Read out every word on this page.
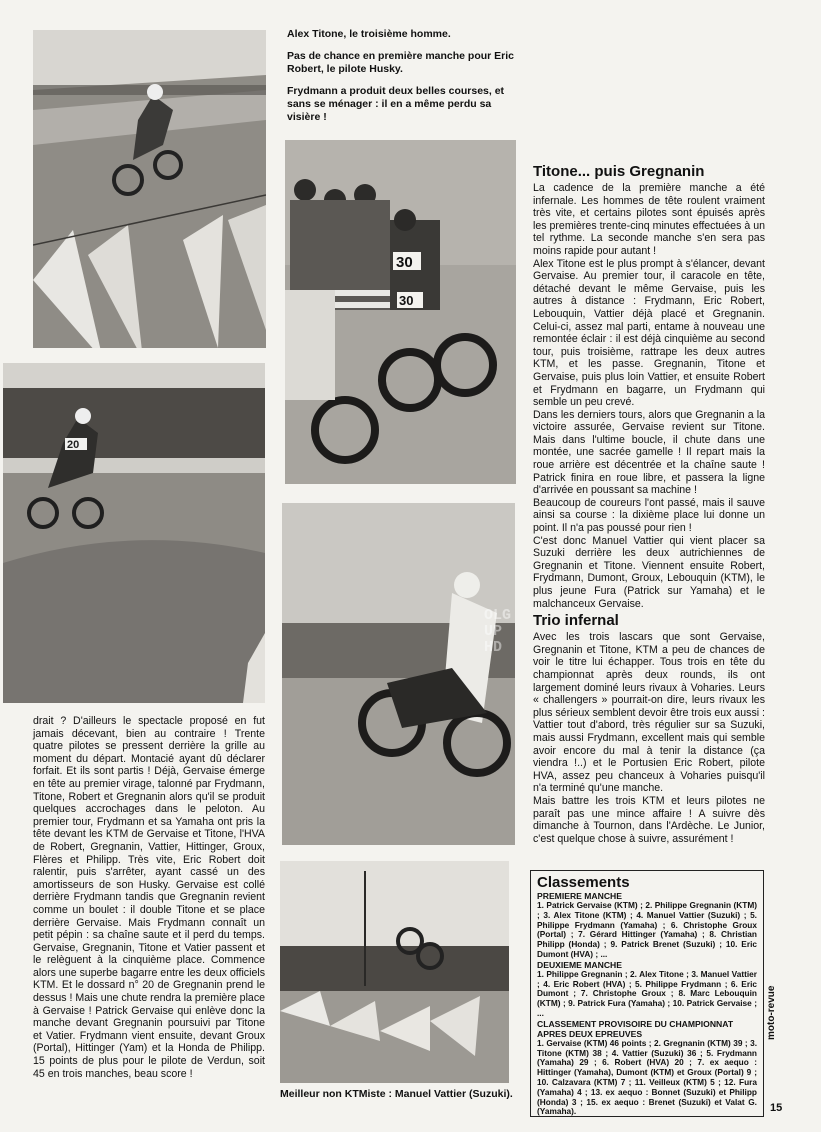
20
30
30
OLG
UP
HD

Alex Titone, le troisième homme.

Pas de chance en première manche pour Eric Robert, le pilote Husky.

Frydmann a produit deux belles courses, et sans se ménager : il en a même perdu sa visière !

drait ? D'ailleurs le spectacle proposé en fut jamais décevant, bien au contraire ! Trente quatre pilotes se pressent derrière la grille au moment du départ. Montacié ayant dû déclarer forfait. Et ils sont partis ! Déjà, Gervaise émerge en tête au premier virage, talonné par Frydmann, Titone, Robert et Gregnanin alors qu'il se produit quelques accrochages dans le peloton. Au premier tour, Frydmann et sa Yamaha ont pris la tête devant les KTM de Gervaise et Titone, l'HVA de Robert, Gregnanin, Vattier, Hittinger, Groux, Flères et Philipp. Très vite, Eric Robert doit ralentir, puis s'arrêter, ayant cassé un des amortisseurs de son Husky. Gervaise est collé derrière Frydmann tandis que Gregnanin revient comme un boulet : il double Titone et se place derrière Gervaise. Mais Frydmann connaît un petit pépin : sa chaîne saute et il perd du temps. Gervaise, Gregnanin, Titone et Vatier passent et le relèguent à la cinquième place. Commence alors une superbe bagarre entre les deux officiels KTM. Et le dossard n° 20 de Gregnanin prend le dessus ! Mais une chute rendra la première place à Gervaise ! Patrick Gervaise qui enlève donc la manche devant Gregnanin poursuivi par Titone et Vatier. Frydmann vient ensuite, devant Groux (Portal), Hittinger (Yam) et la Honda de Philipp. 15 points de plus pour le pilote de Verdun, soit 45 en trois manches, beau score !

Titone... puis Gregnanin

La cadence de la première manche a été infernale. Les hommes de tête roulent vraiment très vite, et certains pilotes sont épuisés après les premières trente-cinq minutes effectuées à un tel rythme. La seconde manche s'en sera pas moins rapide pour autant !

Alex Titone est le plus prompt à s'élancer, devant Gervaise. Au premier tour, il caracole en tête, détaché devant le même Gervaise, puis les autres à distance : Frydmann, Eric Robert, Lebouquin, Vattier déjà placé et Gregnanin. Celui-ci, assez mal parti, entame à nouveau une remontée éclair : il est déjà cinquième au second tour, puis troisième, rattrape les deux autres KTM, et les passe. Gregnanin, Titone et Gervaise, puis plus loin Vattier, et ensuite Robert et Frydmann en bagarre, un Frydmann qui semble un peu crevé.

Dans les derniers tours, alors que Gregnanin a la victoire assurée, Gervaise revient sur Titone. Mais dans l'ultime boucle, il chute dans une montée, une sacrée gamelle ! Il repart mais la roue arrière est décentrée et la chaîne saute ! Patrick finira en roue libre, et passera la ligne d'arrivée en poussant sa machine !

Beaucoup de coureurs l'ont passé, mais il sauve ainsi sa course : la dixième place lui donne un point. Il n'a pas poussé pour rien !

C'est donc Manuel Vattier qui vient placer sa Suzuki derrière les deux autrichiennes de Gregnanin et Titone. Viennent ensuite Robert, Frydmann, Dumont, Groux, Lebouquin (KTM), le plus jeune Fura (Patrick sur Yamaha) et le malchanceux Gervaise.

Trio infernal

Avec les trois lascars que sont Gervaise, Gregnanin et Titone, KTM a peu de chances de voir le titre lui échapper. Tous trois en tête du championnat après deux rounds, ils ont largement dominé leurs rivaux à Voharies. Leurs « challengers » pourrait-on dire, leurs rivaux les plus sérieux semblent devoir être trois eux aussi : Vattier tout d'abord, très régulier sur sa Suzuki, mais aussi Frydmann, excellent mais qui semble avoir encore du mal à tenir la distance (ça viendra !..) et le Portusien Eric Robert, pilote HVA, assez peu chanceux à Voharies puisqu'il n'a terminé qu'une manche.

Mais battre les trois KTM et leurs pilotes ne paraît pas une mince affaire ! A suivre dès dimanche à Tournon, dans l'Ardèche. Le Junior, c'est quelque chose à suivre, assurément !

Classements

PREMIERE MANCHE

1. Patrick Gervaise (KTM) ; 2. Philippe Gregnanin (KTM) ; 3. Alex Titone (KTM) ; 4. Manuel Vattier (Suzuki) ; 5. Philippe Frydmann (Yamaha) ; 6. Christophe Groux (Portal) ; 7. Gérard Hittinger (Yamaha) ; 8. Christian Philipp (Honda) ; 9. Patrick Brenet (Suzuki) ; 10. Eric Dumont (HVA) ; ...

DEUXIEME MANCHE

1. Philippe Gregnanin ; 2. Alex Titone ; 3. Manuel Vattier ; 4. Eric Robert (HVA) ; 5. Philippe Frydmann ; 6. Eric Dumont ; 7. Christophe Groux ; 8. Marc Lebouquin (KTM) ; 9. Patrick Fura (Yamaha) ; 10. Patrick Gervaise ; ...

CLASSEMENT PROVISOIRE DU CHAMPIONNAT APRES DEUX EPREUVES

1. Gervaise (KTM) 46 points ; 2. Gregnanin (KTM) 39 ; 3. Titone (KTM) 38 ; 4. Vattier (Suzuki) 36 ; 5. Frydmann (Yamaha) 29 ; 6. Robert (HVA) 20 ; 7. ex aequo : Hittinger (Yamaha), Dumont (KTM) et Groux (Portal) 9 ; 10. Calzavara (KTM) 7 ; 11. Veilleux (KTM) 5 ; 12. Fura (Yamaha) 4 ; 13. ex aequo : Bonnet (Suzuki) et Philipp (Honda) 3 ; 15. ex aequo : Brenet (Suzuki) et Valat G. (Yamaha).

Meilleur non KTMiste : Manuel Vattier (Suzuki).
moto-revue
15
